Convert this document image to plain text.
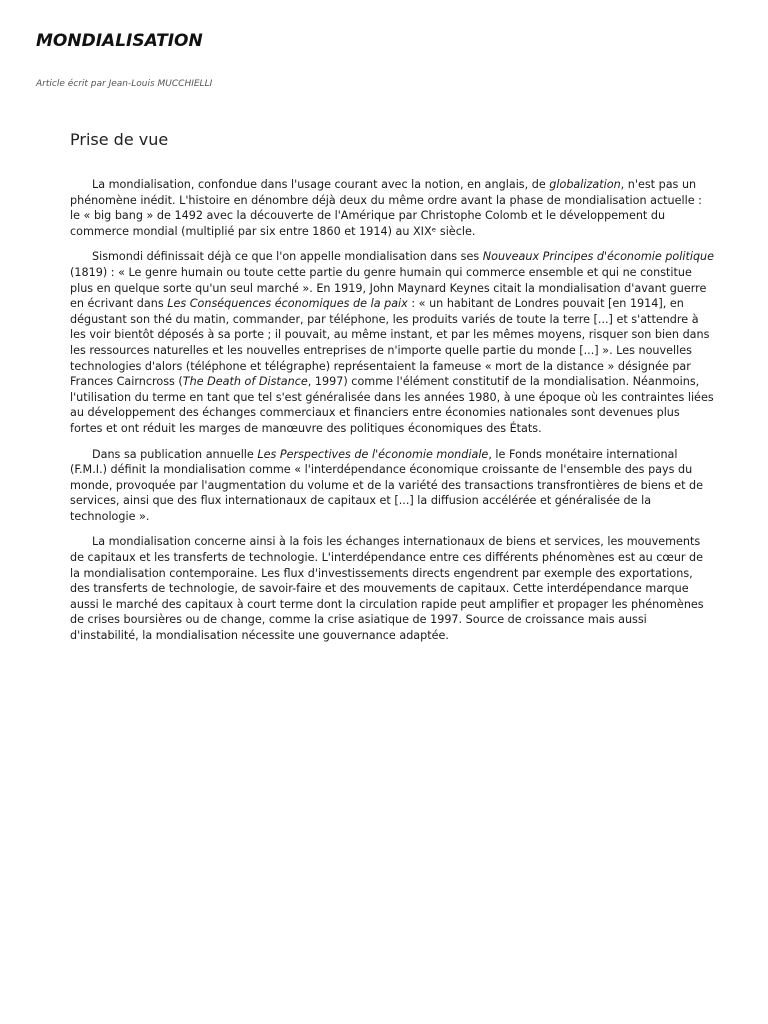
MONDIALISATION
Article écrit par Jean-Louis MUCCHIELLI
Prise de vue

La mondialisation, confondue dans l'usage courant avec la notion, en anglais, de globalization, n'est pas un phénomène inédit. L'histoire en dénombre déjà deux du même ordre avant la phase de mondialisation actuelle : le « big bang » de 1492 avec la découverte de l'Amérique par Christophe Colomb et le développement du commerce mondial (multiplié par six entre 1860 et 1914) au XIXᵉ siècle.

Sismondi définissait déjà ce que l'on appelle mondialisation dans ses Nouveaux Principes d'économie politique (1819) : « Le genre humain ou toute cette partie du genre humain qui commerce ensemble et qui ne constitue plus en quelque sorte qu'un seul marché ». En 1919, John Maynard Keynes citait la mondialisation d'avant guerre en écrivant dans Les Conséquences économiques de la paix : « un habitant de Londres pouvait [en 1914], en dégustant son thé du matin, commander, par téléphone, les produits variés de toute la terre [...] et s'attendre à les voir bientôt déposés à sa porte ; il pouvait, au même instant, et par les mêmes moyens, risquer son bien dans les ressources naturelles et les nouvelles entreprises de n'importe quelle partie du monde [...] ». Les nouvelles technologies d'alors (téléphone et télégraphe) représentaient la fameuse « mort de la distance » désignée par Frances Cairncross (The Death of Distance, 1997) comme l'élément constitutif de la mondialisation. Néanmoins, l'utilisation du terme en tant que tel s'est généralisée dans les années 1980, à une époque où les contraintes liées au développement des échanges commerciaux et financiers entre économies nationales sont devenues plus fortes et ont réduit les marges de manœuvre des politiques économiques des États.

Dans sa publication annuelle Les Perspectives de l'économie mondiale, le Fonds monétaire international (F.M.I.) définit la mondialisation comme « l'interdépendance économique croissante de l'ensemble des pays du monde, provoquée par l'augmentation du volume et de la variété des transactions transfrontières de biens et de services, ainsi que des flux internationaux de capitaux et [...] la diffusion accélérée et généralisée de la technologie ».

La mondialisation concerne ainsi à la fois les échanges internationaux de biens et services, les mouvements de capitaux et les transferts de technologie. L'interdépendance entre ces différents phénomènes est au cœur de la mondialisation contemporaine. Les flux d'investissements directs engendrent par exemple des exportations, des transferts de technologie, de savoir-faire et des mouvements de capitaux. Cette interdépendance marque aussi le marché des capitaux à court terme dont la circulation rapide peut amplifier et propager les phénomènes de crises boursières ou de change, comme la crise asiatique de 1997. Source de croissance mais aussi d'instabilité, la mondialisation nécessite une gouvernance adaptée.
